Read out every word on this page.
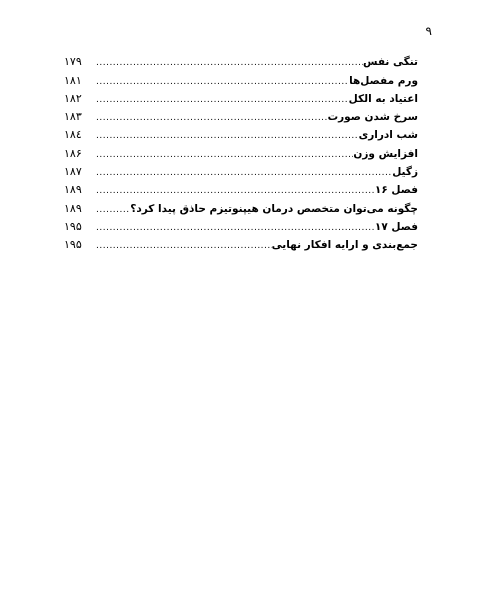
۹
تنگی نفس
.....
۱۷۹
ورم مفصل‌ها
.....
۱۸۱
اعتیاد به الکل
.....
۱۸۲
سرخ شدن صورت
.....
۱۸۳
شب ادراری
.....
۱۸٤
افزایش وزن
.....
۱۸۶
زگیل
.....
۱۸۷
فصل ۱۶
.....
۱۸۹
چگونه می‌توان متخصص درمان هیپنوتیزم حاذق پیدا کرد؟
.....
۱۸۹
فصل ۱۷
.....
۱۹۵
جمع‌بندی و ارایه افکار نهایی
.....
۱۹۵
